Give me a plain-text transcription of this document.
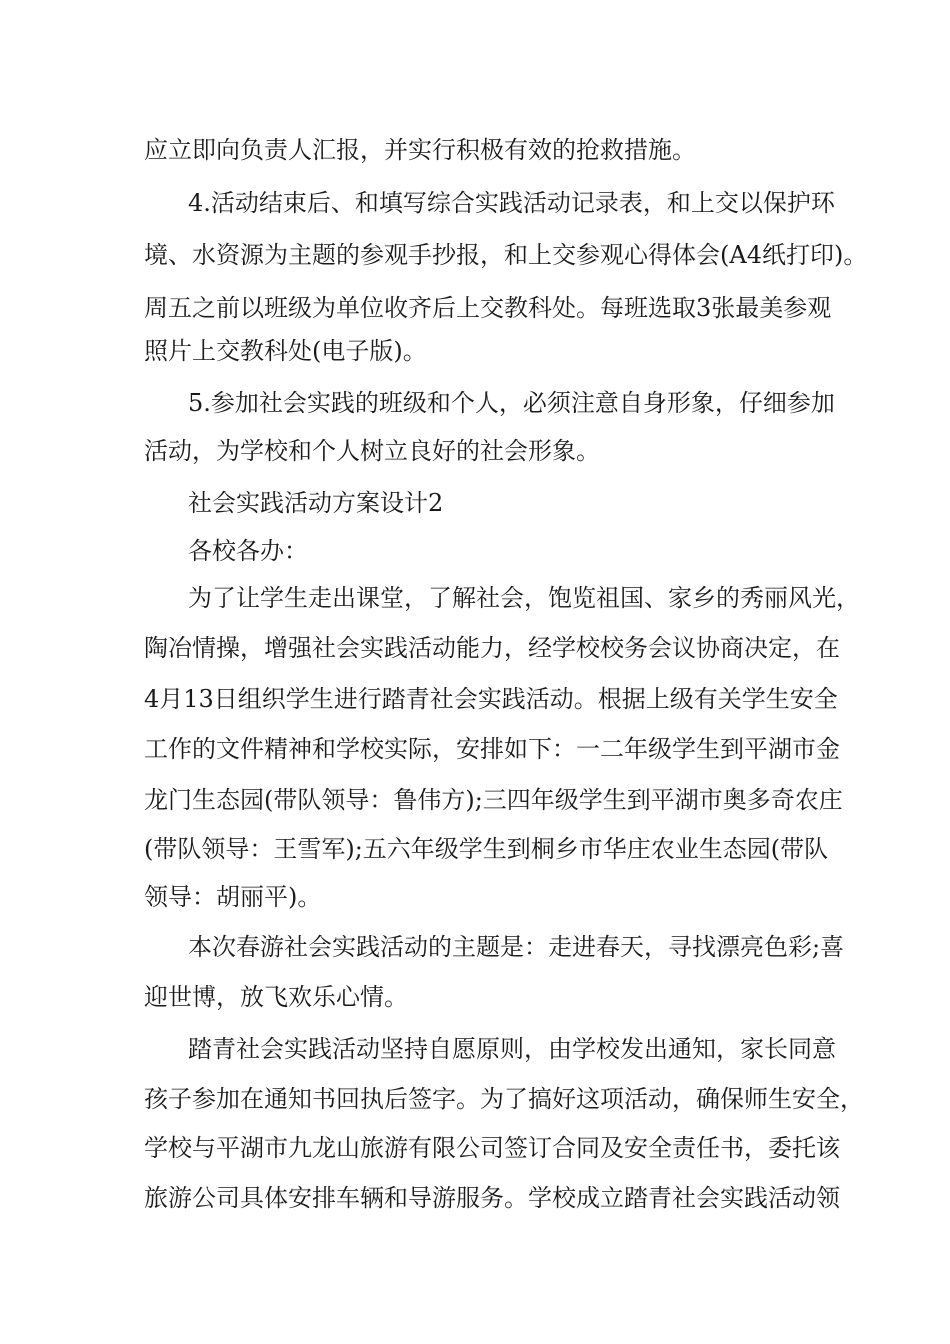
应立即向负责人汇报，并实行积极有效的抢救措施。
4.活动结束后、和填写综合实践活动记录表，和上交以保护环
境、水资源为主题的参观手抄报，和上交参观心得体会(A4纸打印)。
周五之前以班级为单位收齐后上交教科处。每班选取3张最美参观
照片上交教科处(电子版)。
5.参加社会实践的班级和个人，必须注意自身形象，仔细参加
活动，为学校和个人树立良好的社会形象。
社会实践活动方案设计2
各校各办：
为了让学生走出课堂，了解社会，饱览祖国、家乡的秀丽风光，
陶冶情操，增强社会实践活动能力，经学校校务会议协商决定，在
4月13日组织学生进行踏青社会实践活动。根据上级有关学生安全
工作的文件精神和学校实际，安排如下：一二年级学生到平湖市金
龙门生态园(带队领导：鲁伟方);三四年级学生到平湖市奥多奇农庄
(带队领导：王雪军);五六年级学生到桐乡市华庄农业生态园(带队
领导：胡丽平)。
本次春游社会实践活动的主题是：走进春天，寻找漂亮色彩;喜
迎世博，放飞欢乐心情。
踏青社会实践活动坚持自愿原则，由学校发出通知，家长同意
孩子参加在通知书回执后签字。为了搞好这项活动，确保师生安全，
学校与平湖市九龙山旅游有限公司签订合同及安全责任书，委托该
旅游公司具体安排车辆和导游服务。学校成立踏青社会实践活动领
